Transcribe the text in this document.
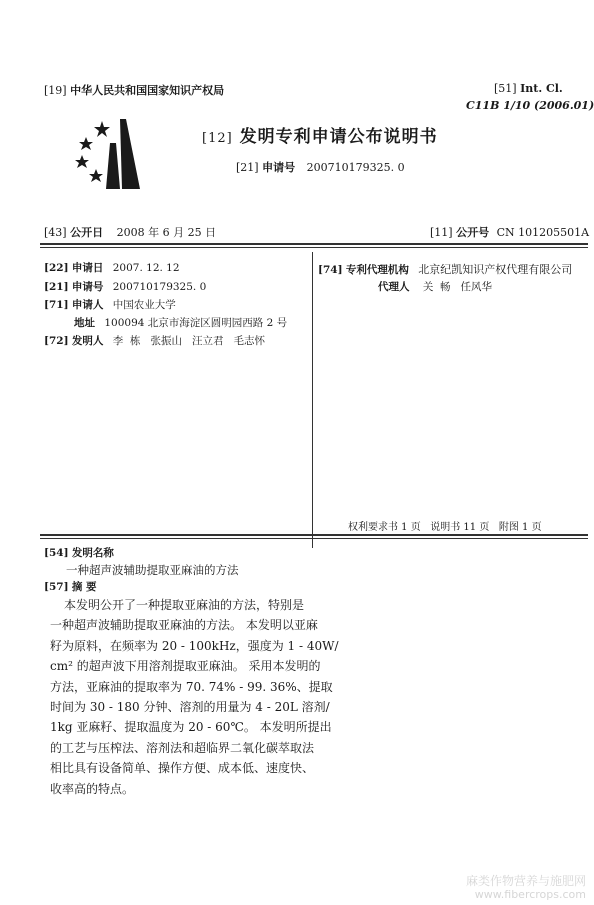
[19] 中华人民共和国国家知识产权局	[51] Int. Cl.
C11B 1/10 (2006.01)
[12] 发明专利申请公布说明书
[21] 申请号 200710179325. 0
[43] 公开日 2008 年 6 月 25 日	[11] 公开号 CN 101205501A
[22] 申请日 2007. 12. 12
[21] 申请号 200710179325. 0
[71] 申请人 中国农业大学
地址 100094 北京市海淀区圆明园西路 2 号
[72] 发明人 李  栋   张振山   汪立君   毛志怀
[74] 专利代理机构 北京纪凯知识产权代理有限公司
代理人 关  畅   任风华
权利要求书 1 页   说明书 11 页   附图 1 页
[54] 发明名称
一种超声波辅助提取亚麻油的方法
[57] 摘 要
本发明公开了一种提取亚麻油的方法，特别是
一种超声波辅助提取亚麻油的方法。 本发明以亚麻
籽为原料，在频率为 20 - 100kHz，强度为 1 - 40W/
cm² 的超声波下用溶剂提取亚麻油。 采用本发明的
方法，亚麻油的提取率为 70. 74% - 99. 36%、提取
时间为 30 - 180 分钟、溶剂的用量为 4 - 20L 溶剂/
1kg 亚麻籽、提取温度为 20 - 60℃。 本发明所提出
的工艺与压榨法、溶剂法和超临界二氧化碳萃取法
相比具有设备简单、操作方便、成本低、速度快、
收率高的特点。
麻类作物营养与施肥网
www.fibercrops.com
